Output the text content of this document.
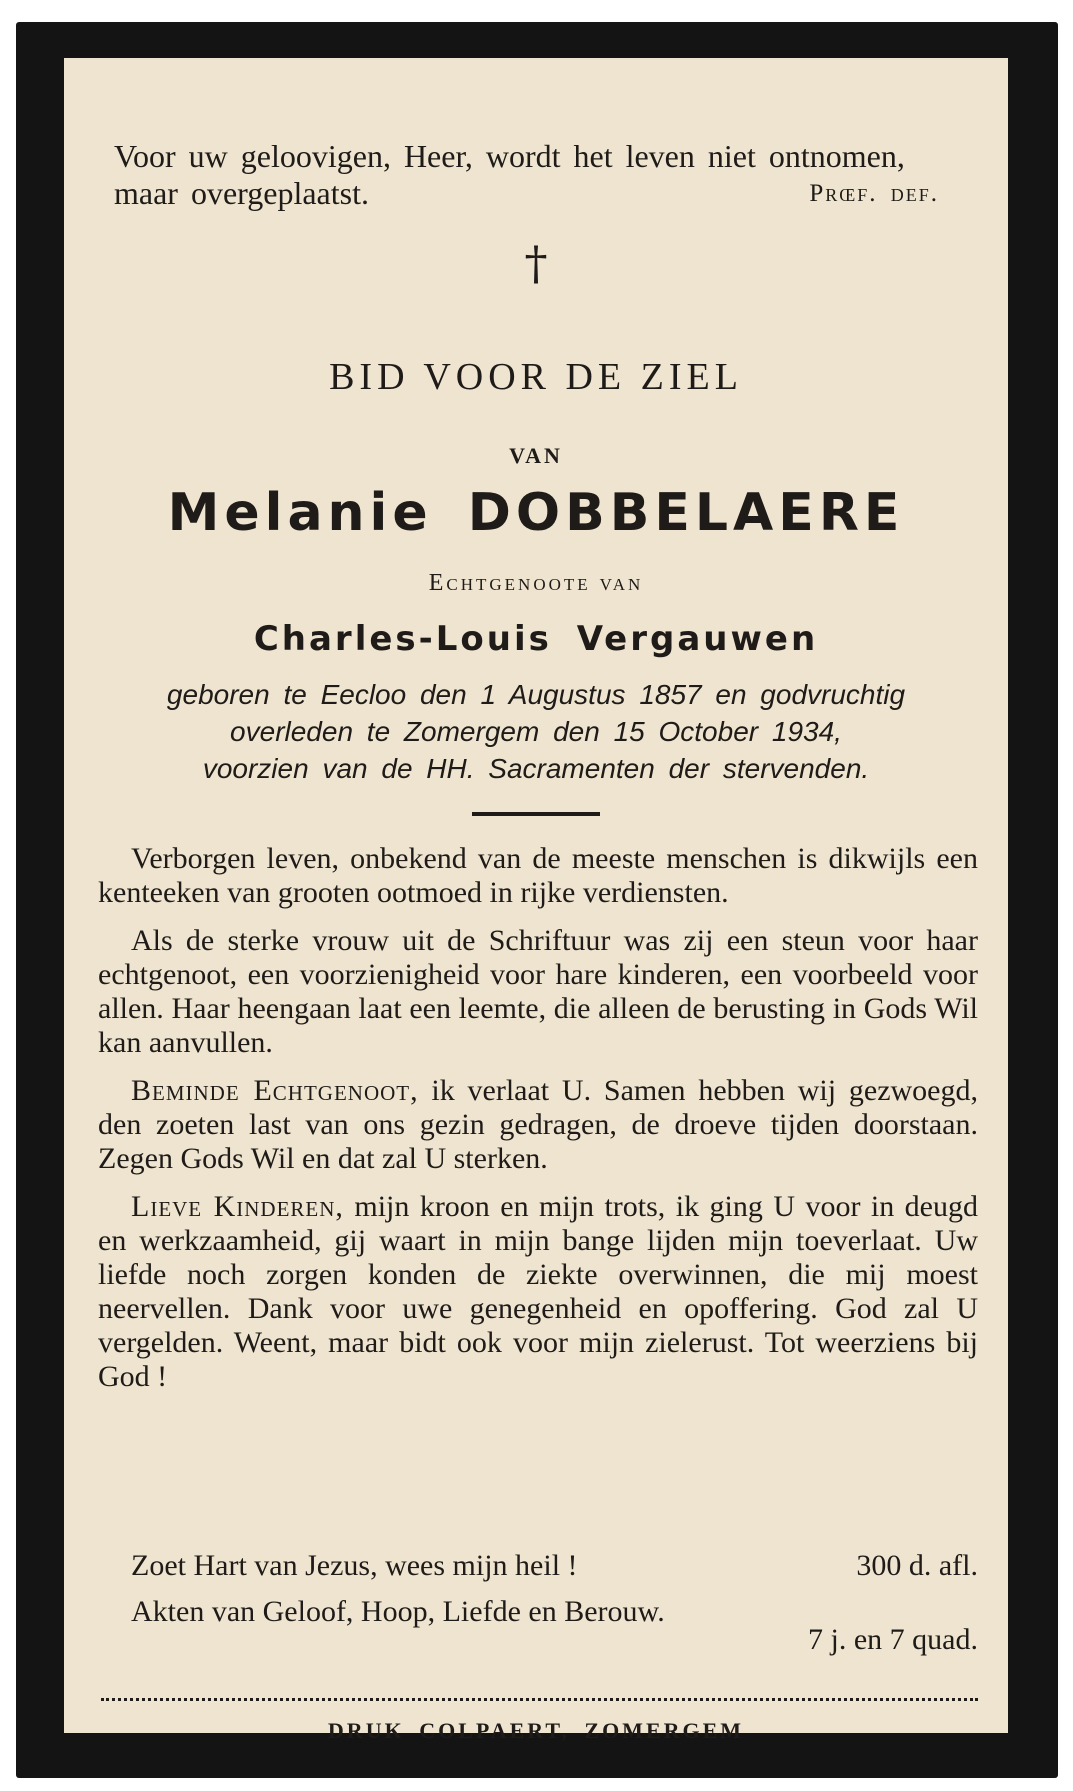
Voor uw geloovigen, Heer, wordt het leven niet ontnomen, maar overgeplaatst.	Prœf. def.
†
BID VOOR DE ZIEL
VAN
Melanie DOBBELAERE
Echtgenoote van
Charles-Louis Vergauwen
geboren te Eecloo den 1 Augustus 1857 en godvruchtig
overleden te Zomergem den 15 October 1934,
voorzien van de HH. Sacramenten der stervenden.

Verborgen leven, onbekend van de meeste menschen is dikwijls een kenteeken van grooten ootmoed in rijke verdiensten.

Als de sterke vrouw uit de Schriftuur was zij een steun voor haar echtgenoot, een voorzienigheid voor hare kinderen, een voorbeeld voor allen. Haar heengaan laat een leemte, die alleen de berusting in Gods Wil kan aanvullen.

Beminde Echtgenoot, ik verlaat U. Samen hebben wij gezwoegd, den zoeten last van ons gezin gedragen, de droeve tijden doorstaan. Zegen Gods Wil en dat zal U sterken.

Lieve Kinderen, mijn kroon en mijn trots, ik ging U voor in deugd en werkzaamheid, gij waart in mijn bange lijden mijn toeverlaat. Uw liefde noch zorgen konden de ziekte overwinnen, die mij moest neervellen. Dank voor uwe genegenheid en opoffering. God zal U vergelden. Weent, maar bidt ook voor mijn zielerust. Tot weerziens bij God !

Zoet Hart van Jezus, wees mijn heil !	300 d. afl.
Akten van Geloof, Hoop, Liefde en Berouw.
7 j. en 7 quad.
DRUK COLPAERT, ZOMERGEM
